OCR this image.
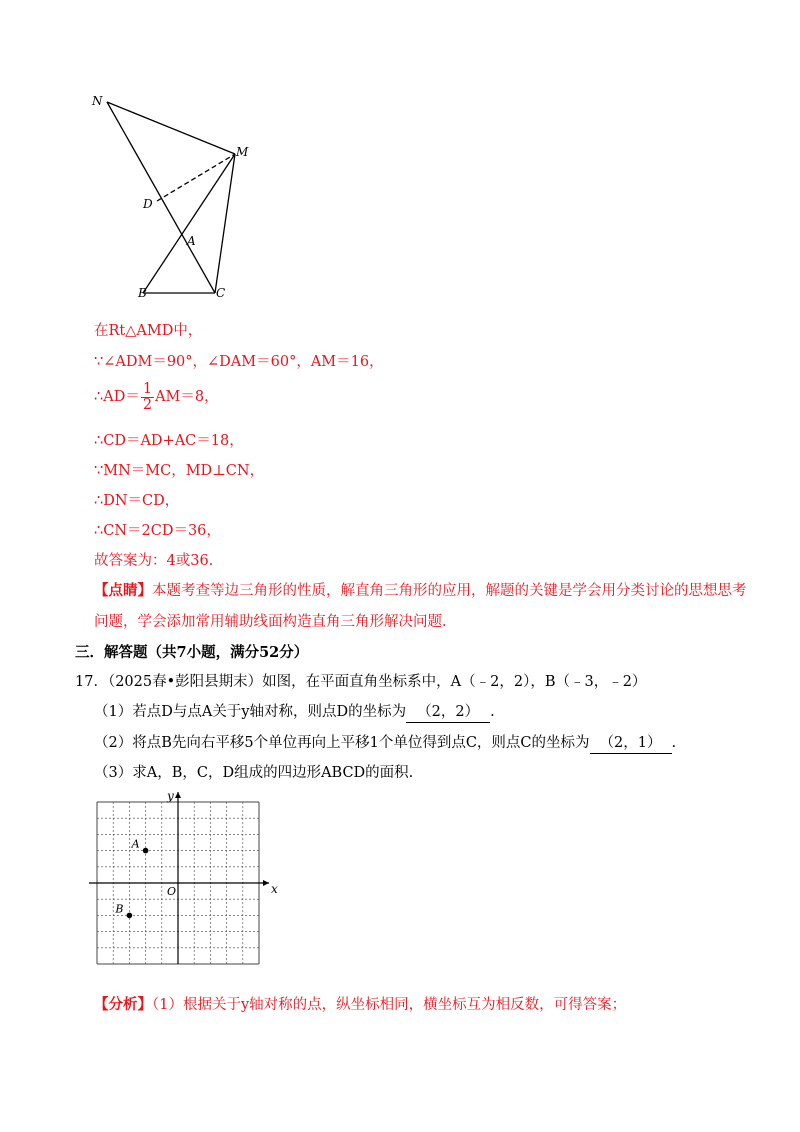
N
M
D
A
B	C
在Rt△AMD中，
∵∠ADM＝90°，∠DAM＝60°，AM＝16，
∴AD＝ $\frac{1}{2} AM=8$，
∴CD＝AD+AC＝18，
∵MN＝MC，MD⊥CN，
∴DN＝CD，
∴CN＝2CD＝36，
故答案为：4或36.
【点睛】本题考查等边三角形的性质，解直角三角形的应用，解题的关键是学会用分类讨论的思想思考
问题，学会添加常用辅助线面构造直角三角形解决问题.
三．解答题（共7小题，满分52分）
17．（2025春•彭阳县期末）如图，在平面直角坐标系中，A（﹣2，2），B（﹣3，﹣2）
（1）若点D与点A关于y轴对称，则点D的坐标为 （2，2） .
（2）将点B先向右平移5个单位再向上平移1个单位得到点C，则点C的坐标为 （2，1） .
（3）求A，B，C，D组成的四边形ABCD的面积.
y
x
O
A
B
【分析】（1）根据关于y轴对称的点，纵坐标相同，横坐标互为相反数，可得答案；
